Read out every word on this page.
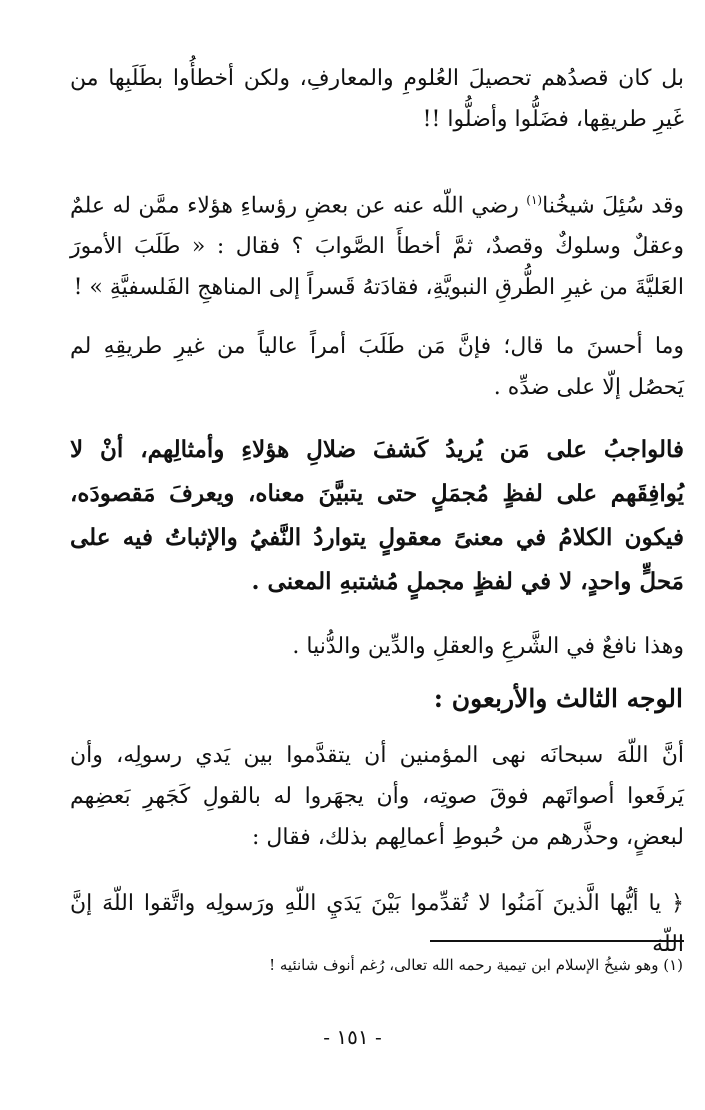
بل كان قصدُهم تحصيلَ العُلومِ والمعارفِ، ولكن أخطأُوا بطَلَبِها من غَيرِ طريقِها، فضَلُّوا وأضلُّوا !!

وقد سُئِلَ شيخُنا$^{(١)}$ رضي اللّه عنه عن بعضِ رؤساءِ هؤلاء ممَّن له علمٌ وعقلٌ وسلوكٌ وقصدٌ، ثمَّ أخطأَ الصَّوابَ ؟ فقال : « طَلَبَ الأمورَ العَليَّةَ من غيرِ الطُّرقِ النبويَّةِ، فقادَتهُ قَسراً إلى المناهجِ الفَلسفيَّةِ » !

وما أحسنَ ما قال؛ فإنَّ مَن طَلَبَ أمراً عالياً من غيرِ طريقِهِ لم يَحصُل إلّا على ضدِّه .

فالواجبُ على مَن يُريدُ كَشفَ ضلالِ هؤلاءِ وأمثالِهم، أنْ لا يُوافِقَهم على لفظٍ مُجمَلٍ حتى يتبيَّنَ معناه، ويعرفَ مَقصودَه، فيكون الكلامُ في معنىً معقولٍ يتواردُ النَّفيُ والإثباتُ فيه على مَحلٍّ واحدٍ، لا في لفظٍ مجملٍ مُشتبهِ المعنى .

وهذا نافعٌ في الشَّرعِ والعقلِ والدِّين والدُّنيا .

الوجه الثالث والأربعون :

أنَّ اللّهَ سبحانَه نهى المؤمنين أن يتقدَّموا بين يَدي رسولِه، وأن يَرفَعوا أصواتَهم فوقَ صوتِه، وأن يجهَروا له بالقولِ كَجَهرِ بَعضِهم لبعضٍ، وحذَّرهم من حُبوطِ أعمالِهم بذلك، فقال :

﴿ يا أيُّها الَّذينَ آمَنُوا لا تُقدِّموا بَيْنَ يَدَيِ اللّهِ ورَسولِه واتَّقوا اللّهَ إنَّ اللّهَ

(١) وهو شيخُ الإسلام ابن تيمية رحمه الله تعالى، رُغم أنوف شانئيه !
- ١٥١ -
